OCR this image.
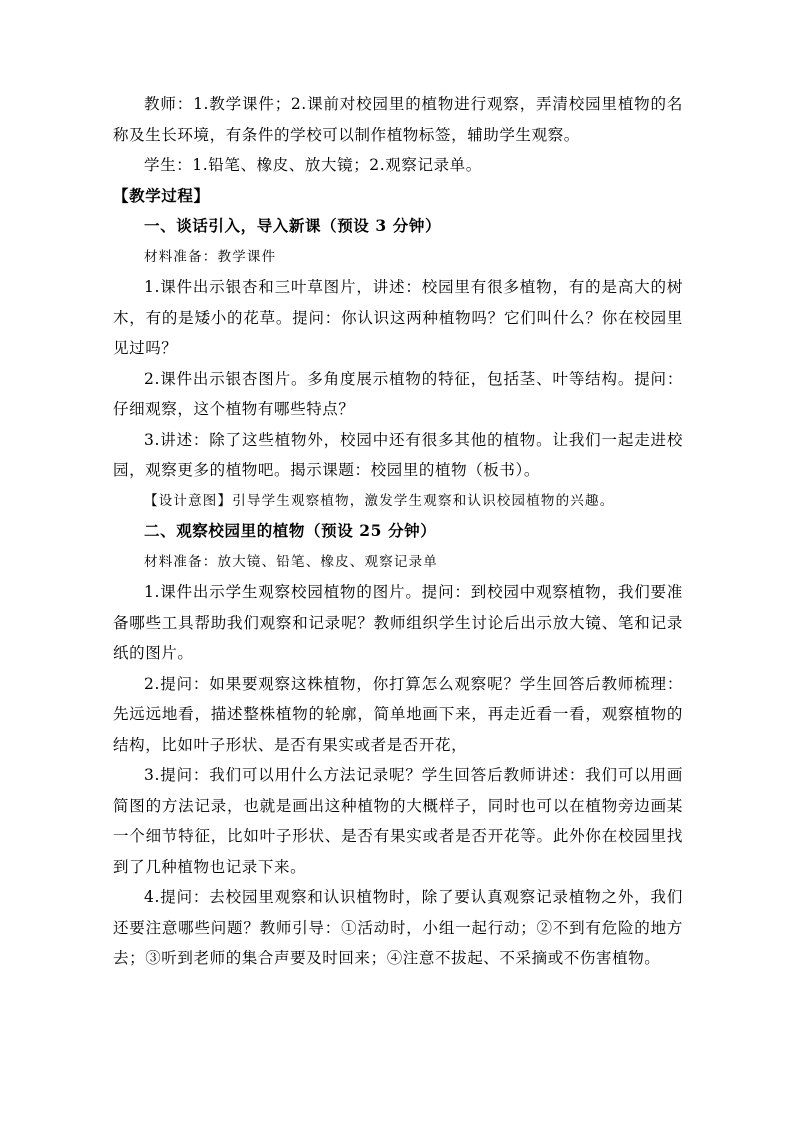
教师：1.教学课件；2.课前对校园里的植物进行观察，弄清校园里植物的名称及生长环境，有条件的学校可以制作植物标签，辅助学生观察。

学生：1.铅笔、橡皮、放大镜；2.观察记录单。

【教学过程】

一、谈话引入，导入新课（预设 3 分钟）

材料准备：教学课件

1.课件出示银杏和三叶草图片，讲述：校园里有很多植物，有的是高大的树木，有的是矮小的花草。提问：你认识这两种植物吗？它们叫什么？你在校园里见过吗？

2.课件出示银杏图片。多角度展示植物的特征，包括茎、叶等结构。提问：仔细观察，这个植物有哪些特点？

3.讲述：除了这些植物外，校园中还有很多其他的植物。让我们一起走进校园，观察更多的植物吧。揭示课题：校园里的植物（板书）。

【设计意图】引导学生观察植物，激发学生观察和认识校园植物的兴趣。

二、观察校园里的植物（预设 25 分钟）

材料准备：放大镜、铅笔、橡皮、观察记录单

1.课件出示学生观察校园植物的图片。提问：到校园中观察植物，我们要准备哪些工具帮助我们观察和记录呢？教师组织学生讨论后出示放大镜、笔和记录纸的图片。

2.提问：如果要观察这株植物，你打算怎么观察呢？学生回答后教师梳理：先远远地看，描述整株植物的轮廓，简单地画下来，再走近看一看，观察植物的结构，比如叶子形状、是否有果实或者是否开花，

3.提问：我们可以用什么方法记录呢？学生回答后教师讲述：我们可以用画简图的方法记录，也就是画出这种植物的大概样子，同时也可以在植物旁边画某一个细节特征，比如叶子形状、是否有果实或者是否开花等。此外你在校园里找到了几种植物也记录下来。

4.提问：去校园里观察和认识植物时，除了要认真观察记录植物之外，我们还要注意哪些问题？教师引导：①活动时，小组一起行动；②不到有危险的地方去；③听到老师的集合声要及时回来；④注意不拔起、不采摘或不伤害植物。
